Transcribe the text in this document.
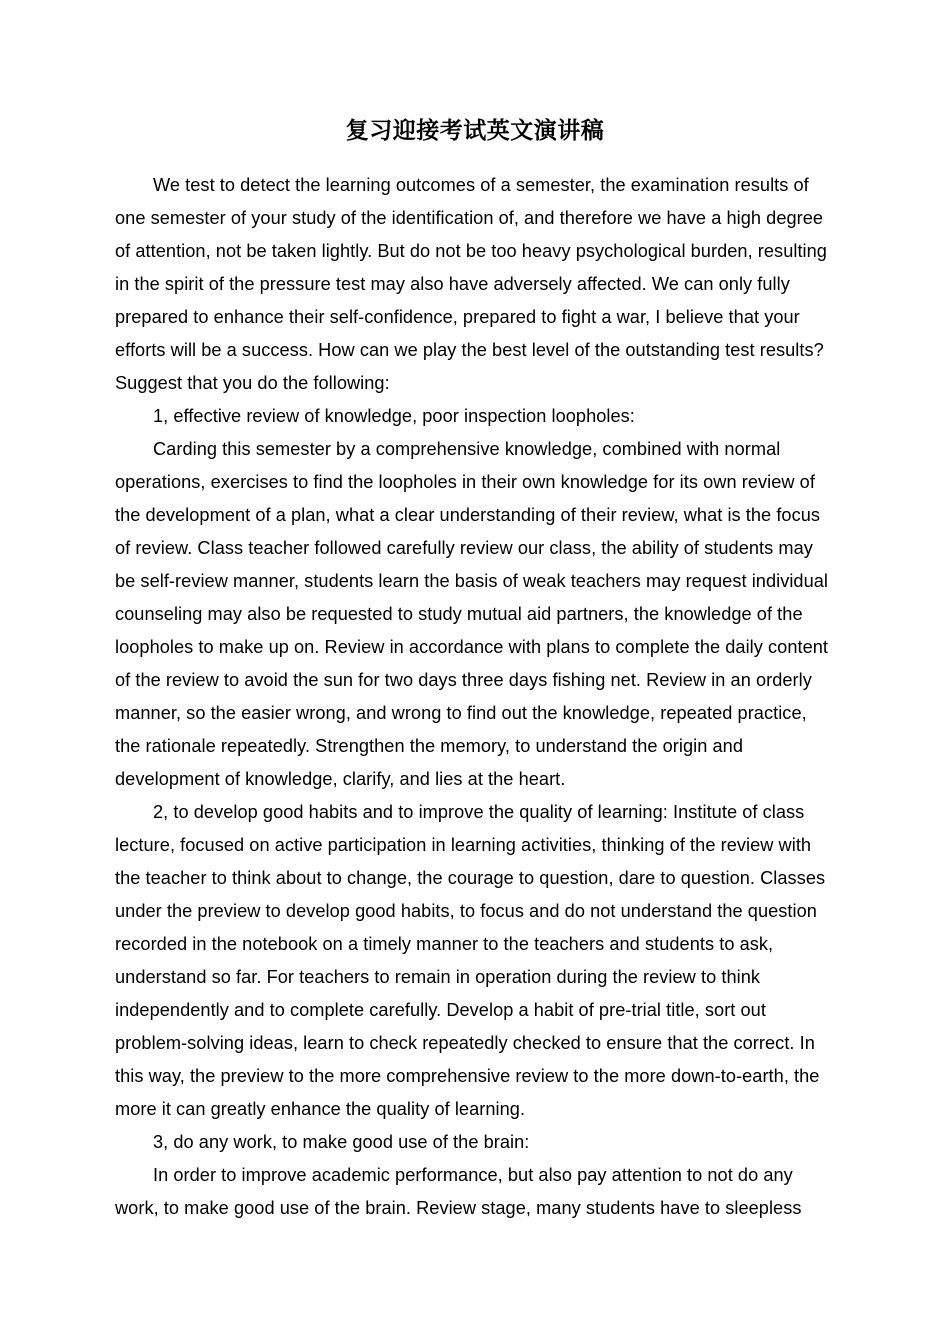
复习迎接考试英文演讲稿

We test to detect the learning outcomes of a semester, the examination results of one semester of your study of the identification of, and therefore we have a high degree of attention, not be taken lightly. But do not be too heavy psychological burden, resulting in the spirit of the pressure test may also have adversely affected. We can only fully prepared to enhance their self-confidence, prepared to fight a war, I believe that your efforts will be a success. How can we play the best level of the outstanding test results? Suggest that you do the following:

1, effective review of knowledge, poor inspection loopholes:

Carding this semester by a comprehensive knowledge, combined with normal operations, exercises to find the loopholes in their own knowledge for its own review of the development of a plan, what a clear understanding of their review, what is the focus of review. Class teacher followed carefully review our class, the ability of students may be self-review manner, students learn the basis of weak teachers may request individual counseling may also be requested to study mutual aid partners, the knowledge of the loopholes to make up on. Review in accordance with plans to complete the daily content of the review to avoid the sun for two days three days fishing net. Review in an orderly manner, so the easier wrong, and wrong to find out the knowledge, repeated practice, the rationale repeatedly. Strengthen the memory, to understand the origin and development of knowledge, clarify, and lies at the heart.

2, to develop good habits and to improve the quality of learning: Institute of class lecture, focused on active participation in learning activities, thinking of the review with the teacher to think about to change, the courage to question, dare to question. Classes under the preview to develop good habits, to focus and do not understand the question recorded in the notebook on a timely manner to the teachers and students to ask, understand so far. For teachers to remain in operation during the review to think independently and to complete carefully. Develop a habit of pre-trial title, sort out problem-solving ideas, learn to check repeatedly checked to ensure that the correct. In this way, the preview to the more comprehensive review to the more down-to-earth, the more it can greatly enhance the quality of learning.

3, do any work, to make good use of the brain:

In order to improve academic performance, but also pay attention to not do any work, to make good use of the brain. Review stage, many students have to sleepless
